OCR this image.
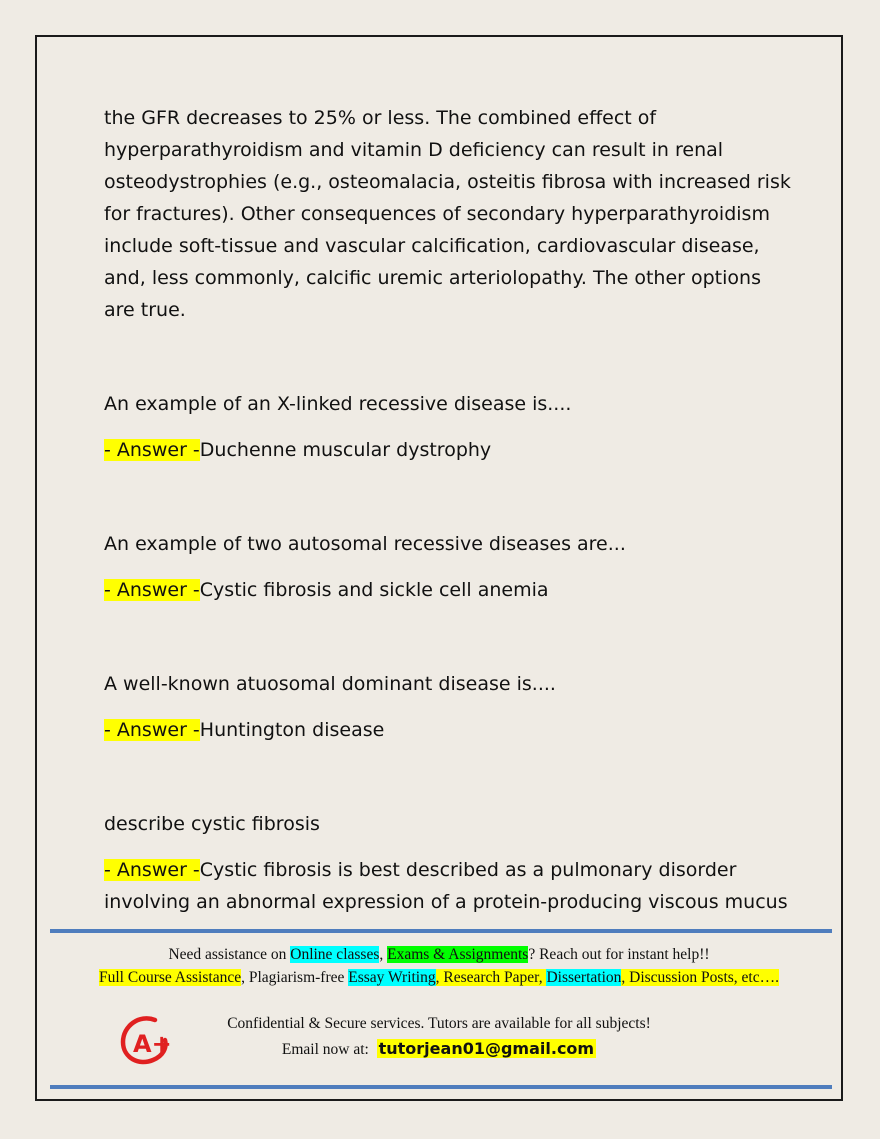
the GFR decreases to 25% or less. The combined effect of
hyperparathyroidism and vitamin D deficiency can result in renal
osteodystrophies (e.g., osteomalacia, osteitis fibrosa with increased risk
for fractures). Other consequences of secondary hyperparathyroidism
include soft-tissue and vascular calcification, cardiovascular disease,
and, less commonly, calcific uremic arteriolopathy. The other options
are true.

An example of an X-linked recessive disease is....

- Answer -Duchenne muscular dystrophy

An example of two autosomal recessive diseases are...

- Answer -Cystic fibrosis and sickle cell anemia

A well-known atuosomal dominant disease is....

- Answer -Huntington disease

describe cystic fibrosis

- Answer -Cystic fibrosis is best described as a pulmonary disorder
involving an abnormal expression of a protein-producing viscous mucus

Need assistance on Online classes, Exams & Assignments? Reach out for instant help!!
Full Course Assistance, Plagiarism-free Essay Writing, Research Paper, Dissertation, Discussion Posts, etc….
A+
Confidential & Secure services. Tutors are available for all subjects!
Email now at: tutorjean01@gmail.com
